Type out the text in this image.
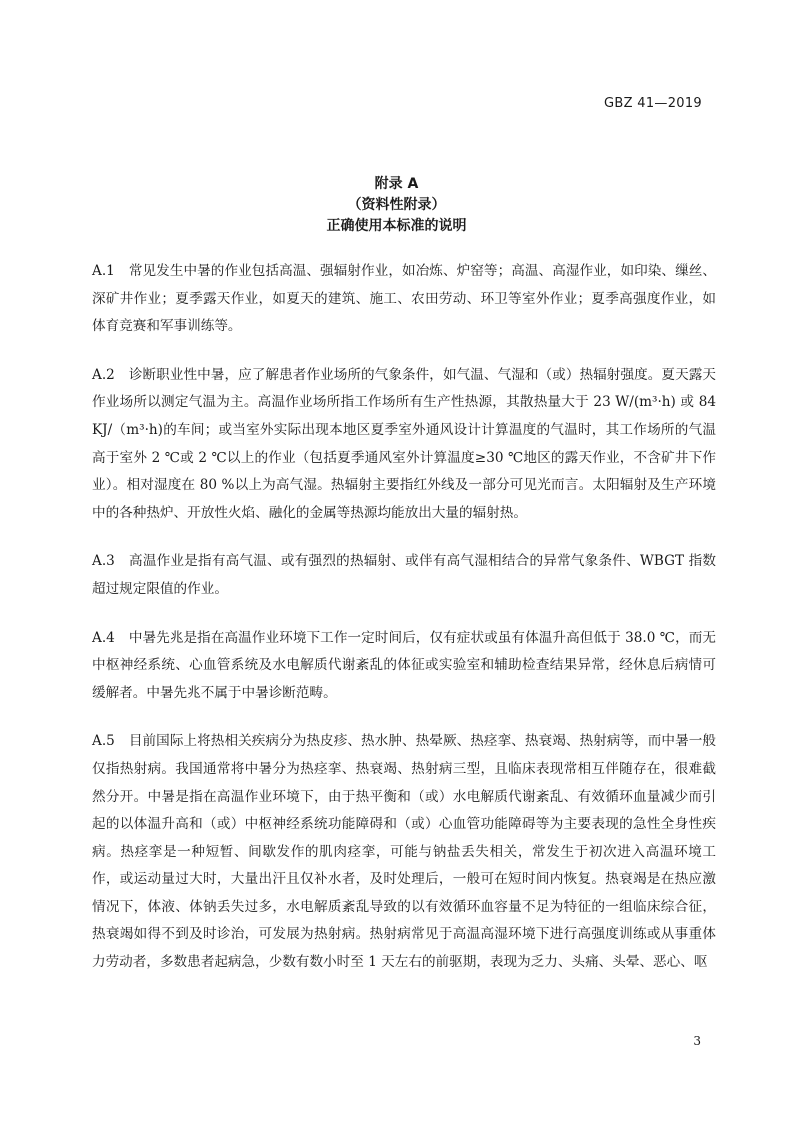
GBZ 41—2019
附录 A
（资料性附录）
正确使用本标准的说明

A.1 常见发生中暑的作业包括高温、强辐射作业，如冶炼、炉窑等；高温、高湿作业，如印染、缫丝、深矿井作业；夏季露天作业，如夏天的建筑、施工、农田劳动、环卫等室外作业；夏季高强度作业，如体育竞赛和军事训练等。

A.2 诊断职业性中暑，应了解患者作业场所的气象条件，如气温、气湿和（或）热辐射强度。夏天露天作业场所以测定气温为主。高温作业场所指工作场所有生产性热源，其散热量大于 23 W/(m³·h) 或 84 KJ/（m³·h)的车间；或当室外实际出现本地区夏季室外通风设计计算温度的气温时，其工作场所的气温高于室外 2 ℃或 2 ℃以上的作业（包括夏季通风室外计算温度≥30 ℃地区的露天作业，不含矿井下作业）。相对湿度在 80 %以上为高气湿。热辐射主要指红外线及一部分可见光而言。太阳辐射及生产环境中的各种热炉、开放性火焰、融化的金属等热源均能放出大量的辐射热。

A.3 高温作业是指有高气温、或有强烈的热辐射、或伴有高气湿相结合的异常气象条件、WBGT 指数超过规定限值的作业。

A.4 中暑先兆是指在高温作业环境下工作一定时间后，仅有症状或虽有体温升高但低于 38.0 ℃，而无中枢神经系统、心血管系统及水电解质代谢紊乱的体征或实验室和辅助检查结果异常，经休息后病情可缓解者。中暑先兆不属于中暑诊断范畴。

A.5 目前国际上将热相关疾病分为热皮疹、热水肿、热晕厥、热痉挛、热衰竭、热射病等，而中暑一般仅指热射病。我国通常将中暑分为热痉挛、热衰竭、热射病三型，且临床表现常相互伴随存在，很难截然分开。中暑是指在高温作业环境下，由于热平衡和（或）水电解质代谢紊乱、有效循环血量减少而引起的以体温升高和（或）中枢神经系统功能障碍和（或）心血管功能障碍等为主要表现的急性全身性疾病。热痉挛是一种短暂、间歇发作的肌肉痉挛，可能与钠盐丢失相关，常发生于初次进入高温环境工作，或运动量过大时，大量出汗且仅补水者，及时处理后，一般可在短时间内恢复。热衰竭是在热应激情况下，体液、体钠丢失过多，水电解质紊乱导致的以有效循环血容量不足为特征的一组临床综合征，热衰竭如得不到及时诊治，可发展为热射病。热射病常见于高温高湿环境下进行高强度训练或从事重体力劳动者，多数患者起病急，少数有数小时至 1 天左右的前驱期，表现为乏力、头痛、头晕、恶心、呕

3
